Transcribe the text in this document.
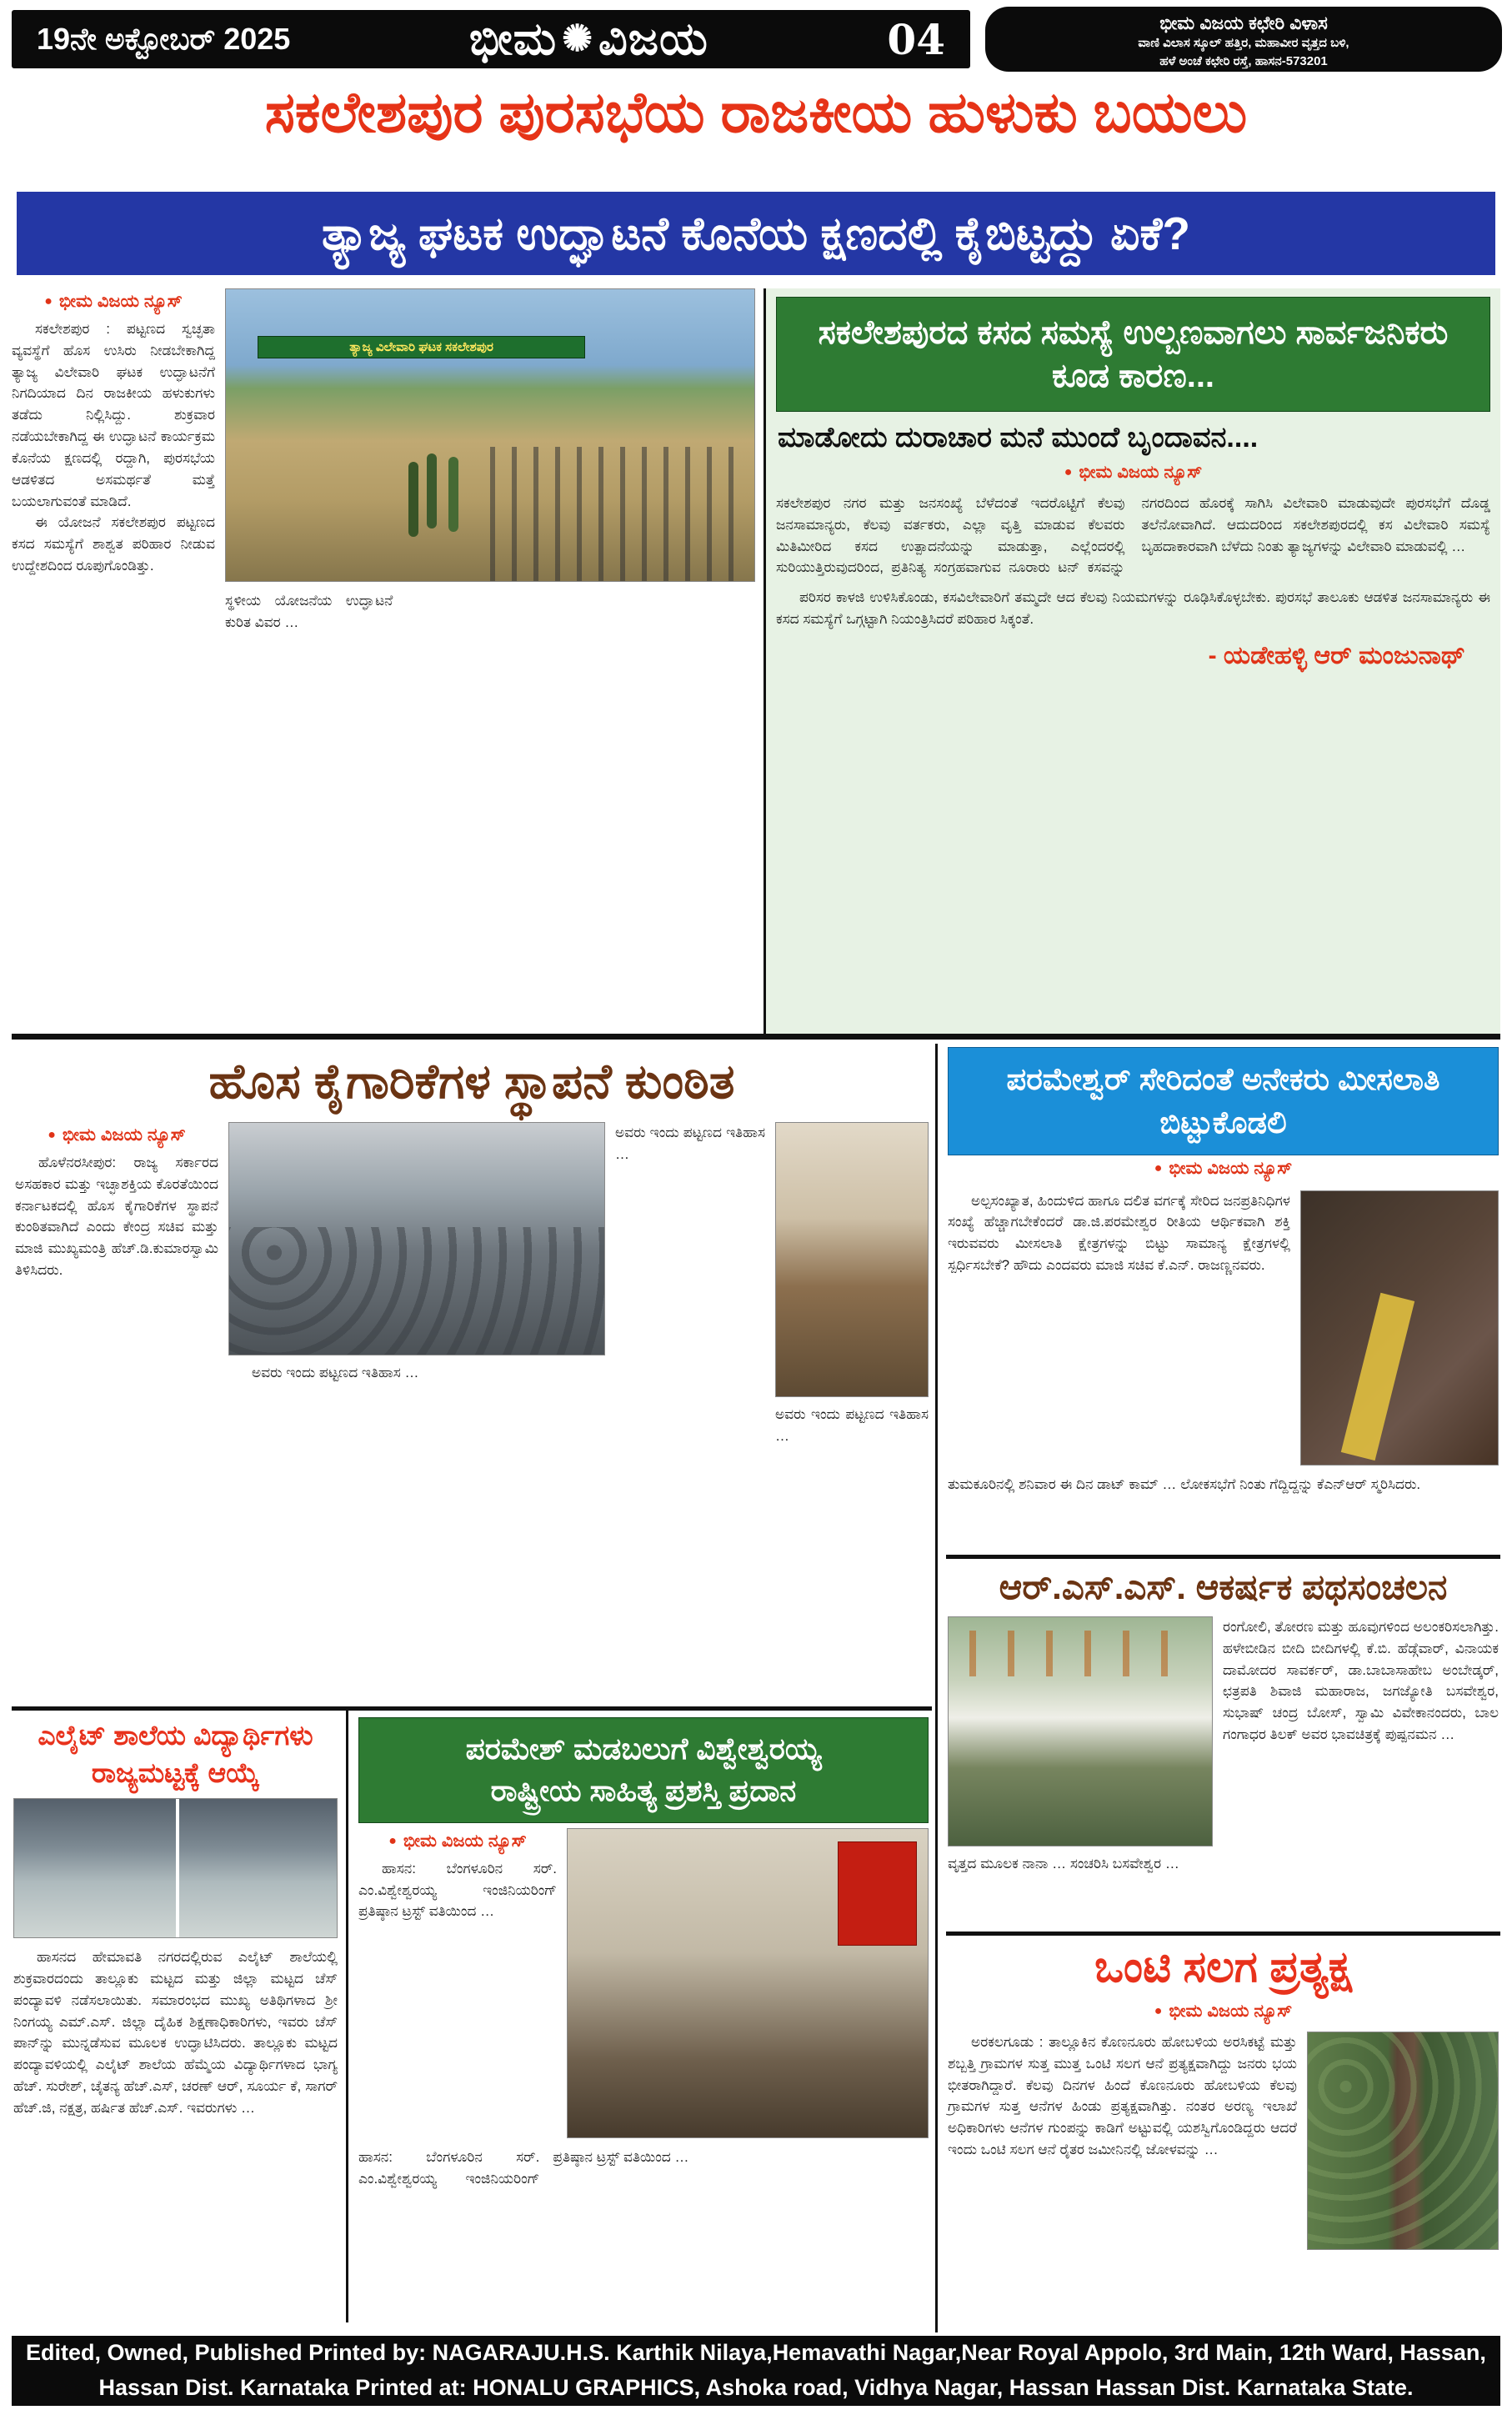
19ನೇ ಅಕ್ಟೋಬರ್ 2025	ಭೀಮ ✺ ವಿಜಯ	04	ಭೀಮ ವಿಜಯ ಕಛೇರಿ ವಿಳಾಸ
ವಾಣಿ ವಿಲಾಸ ಸ್ಕೂಲ್ ಹತ್ತಿರ, ಮಹಾವೀರ ವೃತ್ತದ ಬಳಿ,
ಹಳೆ ಅಂಚೆ ಕಛೇರಿ ರಸ್ತೆ, ಹಾಸನ-573201
ಸಕಲೇಶಪುರ ಪುರಸಭೆಯ ರಾಜಕೀಯ ಹುಳುಕು ಬಯಲು
ತ್ಯಾಜ್ಯ ಘಟಕ ಉದ್ಘಾಟನೆ ಕೊನೆಯ ಕ್ಷಣದಲ್ಲಿ ಕೈಬಿಟ್ಟದ್ದು ಏಕೆ?
● ಭೀಮ ವಿಜಯ ನ್ಯೂಸ್

ಸಕಲೇಶಪುರ : ಪಟ್ಟಣದ ಸ್ವಚ್ಛತಾ ವ್ಯವಸ್ಥೆಗೆ ಹೊಸ ಉಸಿರು ನೀಡಬೇಕಾಗಿದ್ದ ತ್ಯಾಜ್ಯ ವಿಲೇವಾರಿ ಘಟಕ ಉದ್ಘಾಟನೆಗೆ ನಿಗದಿಯಾದ ದಿನ ರಾಜಕೀಯ ಹಳುಕುಗಳು ತಡೆದು ನಿಲ್ಲಿಸಿದ್ದು. ಶುಕ್ರವಾರ ನಡೆಯಬೇಕಾಗಿದ್ದ ಈ ಉದ್ಘಾಟನೆ ಕಾರ್ಯಕ್ರಮ ಕೊನೆಯ ಕ್ಷಣದಲ್ಲಿ ರದ್ದಾಗಿ, ಪುರಸಭೆಯ ಆಡಳಿತದ ಅಸಮರ್ಥತೆ ಮತ್ತೆ ಬಯಲಾಗುವಂತೆ ಮಾಡಿದೆ.

ಈ ಯೋಜನೆ ಸಕಲೇಶಪುರ ಪಟ್ಟಣದ ಕಸದ ಸಮಸ್ಯೆಗೆ ಶಾಶ್ವತ ಪರಿಹಾರ ನೀಡುವ ಉದ್ದೇಶದಿಂದ ರೂಪುಗೊಂಡಿತ್ತು.

ತ್ಯಾಜ್ಯ ವಿಲೇವಾರಿ ಘಟಕ ಸಕಲೇಶಪುರ
ಸ್ಥಳೀಯ ಯೋಜನೆಯ ಉದ್ಘಾಟನೆ ಕುರಿತ ವಿವರ …
ಸಕಲೇಶಪುರದ ಕಸದ ಸಮಸ್ಯೆ ಉಲ್ಬಣವಾಗಲು ಸಾರ್ವಜನಿಕರು ಕೂಡ ಕಾರಣ...
ಮಾಡೋದು ದುರಾಚಾರ ಮನೆ ಮುಂದೆ ಬೃಂದಾವನ....
● ಭೀಮ ವಿಜಯ ನ್ಯೂಸ್
ಸಕಲೇಶಪುರ ನಗರ ಮತ್ತು ಜನಸಂಖ್ಯೆ ಬೆಳೆದಂತೆ ಇದರೊಟ್ಟಿಗೆ ಕೆಲವು ಜನಸಾಮಾನ್ಯರು, ಕೆಲವು ವರ್ತಕರು, ಎಲ್ಲಾ ವೃತ್ತಿ ಮಾಡುವ ಕೆಲವರು ಮಿತಿಮೀರಿದ ಕಸದ ಉತ್ಪಾದನೆಯನ್ನು ಮಾಡುತ್ತಾ, ಎಲ್ಲೆಂದರಲ್ಲಿ ಸುರಿಯುತ್ತಿರುವುದರಿಂದ, ಪ್ರತಿನಿತ್ಯ ಸಂಗ್ರಹವಾಗುವ ನೂರಾರು ಟನ್ ಕಸವನ್ನು ನಗರದಿಂದ ಹೊರಕ್ಕೆ ಸಾಗಿಸಿ ವಿಲೇವಾರಿ ಮಾಡುವುದೇ ಪುರಸಭೆಗೆ ದೊಡ್ಡ ತಲೆನೋವಾಗಿದೆ. ಆದುದರಿಂದ ಸಕಲೇಶಪುರದಲ್ಲಿ ಕಸ ವಿಲೇವಾರಿ ಸಮಸ್ಯೆ ಬೃಹದಾಕಾರವಾಗಿ ಬೆಳೆದು ನಿಂತು ತ್ಯಾಜ್ಯಗಳನ್ನು ವಿಲೇವಾರಿ ಮಾಡುವಲ್ಲಿ …

ಪರಿಸರ ಕಾಳಜಿ ಉಳಿಸಿಕೊಂಡು, ಕಸವಿಲೇವಾರಿಗೆ ತಮ್ಮದೇ ಆದ ಕೆಲವು ನಿಯಮಗಳನ್ನು ರೂಢಿಸಿಕೊಳ್ಳಬೇಕು. ಪುರಸಭೆ ತಾಲೂಕು ಆಡಳಿತ ಜನಸಾಮಾನ್ಯರು ಈ ಕಸದ ಸಮಸ್ಯೆಗೆ ಒಗ್ಗಟ್ಟಾಗಿ ನಿಯಂತ್ರಿಸಿದರೆ ಪರಿಹಾರ ಸಿಕ್ಕಂತೆ.

- ಯಡೇಹಳ್ಳಿ ಆರ್ ಮಂಜುನಾಥ್
ಹೊಸ ಕೈಗಾರಿಕೆಗಳ ಸ್ಥಾಪನೆ ಕುಂಠಿತ
● ಭೀಮ ವಿಜಯ ನ್ಯೂಸ್

ಹೊಳೆನರಸೀಪುರ: ರಾಜ್ಯ ಸರ್ಕಾರದ ಅಸಹಕಾರ ಮತ್ತು ಇಚ್ಛಾಶಕ್ತಿಯ ಕೊರತೆಯಿಂದ ಕರ್ನಾಟಕದಲ್ಲಿ ಹೊಸ ಕೈಗಾರಿಕೆಗಳ ಸ್ಥಾಪನೆ ಕುಂಠಿತವಾಗಿದೆ ಎಂದು ಕೇಂದ್ರ ಸಚಿವ ಮತ್ತು ಮಾಜಿ ಮುಖ್ಯಮಂತ್ರಿ ಹೆಚ್.ಡಿ.ಕುಮಾರಸ್ವಾಮಿ ತಿಳಿಸಿದರು.

ಅವರು ಇಂದು ಪಟ್ಟಣದ ಇತಿಹಾಸ …

ಅವರು ಇಂದು ಪಟ್ಟಣದ ಇತಿಹಾಸ …

ಅವರು ಇಂದು ಪಟ್ಟಣದ ಇತಿಹಾಸ …

ಎಲೈಟ್ ಶಾಲೆಯ ವಿದ್ಯಾರ್ಥಿಗಳು ರಾಜ್ಯಮಟ್ಟಕ್ಕೆ ಆಯ್ಕೆ

ಹಾಸನದ ಹೇಮಾವತಿ ನಗರದಲ್ಲಿರುವ ಎಲೈಟ್ ಶಾಲೆಯಲ್ಲಿ ಶುಕ್ರವಾರದಂದು ತಾಲ್ಲೂಕು ಮಟ್ಟದ ಮತ್ತು ಜಿಲ್ಲಾ ಮಟ್ಟದ ಚೆಸ್ ಪಂದ್ಯಾವಳಿ ನಡೆಸಲಾಯಿತು. ಸಮಾರಂಭದ ಮುಖ್ಯ ಅತಿಥಿಗಳಾದ ಶ್ರೀ ನಿಂಗಯ್ಯ ಎಮ್.ಎಸ್. ಜಿಲ್ಲಾ ದೈಹಿಕ ಶಿಕ್ಷಣಾಧಿಕಾರಿಗಳು, ಇವರು ಚೆಸ್ ಪಾನ್‌ನ್ನು ಮುನ್ನಡೆಸುವ ಮೂಲಕ ಉದ್ಘಾಟಿಸಿದರು. ತಾಲ್ಲೂಕು ಮಟ್ಟದ ಪಂದ್ಯಾವಳಿಯಲ್ಲಿ ಎಲೈಟ್ ಶಾಲೆಯ ಹೆಮ್ಮೆಯ ವಿದ್ಯಾರ್ಥಿಗಳಾದ ಭಾಗ್ಯ ಹೆಚ್. ಸುರೇಶ್, ಚೈತನ್ಯ ಹೆಚ್.ಎಸ್, ಚರಣ್ ಆರ್, ಸೂರ್ಯ ಕೆ, ಸಾಗರ್ ಹೆಚ್.ಜಿ, ನಕ್ಷತ್ರ, ಹರ್ಷಿತ ಹೆಚ್.ಎಸ್. ಇವರುಗಳು …

ಪರಮೇಶ್ ಮಡಬಲುಗೆ ವಿಶ್ವೇಶ್ವರಯ್ಯ
ರಾಷ್ಟ್ರೀಯ ಸಾಹಿತ್ಯ ಪ್ರಶಸ್ತಿ ಪ್ರದಾನ
● ಭೀಮ ವಿಜಯ ನ್ಯೂಸ್

ಹಾಸನ: ಬೆಂಗಳೂರಿನ ಸರ್. ಎಂ.ವಿಶ್ವೇಶ್ವರಯ್ಯ ಇಂಜಿನಿಯರಿಂಗ್ ಪ್ರತಿಷ್ಠಾನ ಟ್ರಸ್ಟ್ ವತಿಯಿಂದ …

ಹಾಸನ: ಬೆಂಗಳೂರಿನ ಸರ್. ಎಂ.ವಿಶ್ವೇಶ್ವರಯ್ಯ ಇಂಜಿನಿಯರಿಂಗ್ ಪ್ರತಿಷ್ಠಾನ ಟ್ರಸ್ಟ್ ವತಿಯಿಂದ …
ಪರಮೇಶ್ವರ್ ಸೇರಿದಂತೆ ಅನೇಕರು ಮೀಸಲಾತಿ ಬಿಟ್ಟುಕೊಡಲಿ
● ಭೀಮ ವಿಜಯ ನ್ಯೂಸ್

ಅಲ್ಪಸಂಖ್ಯಾತ, ಹಿಂದುಳಿದ ಹಾಗೂ ದಲಿತ ವರ್ಗಕ್ಕೆ ಸೇರಿದ ಜನಪ್ರತಿನಿಧಿಗಳ ಸಂಖ್ಯೆ ಹೆಚ್ಚಾಗಬೇಕೆಂದರೆ ಡಾ.ಜಿ.ಪರಮೇಶ್ವರ ರೀತಿಯ ಆರ್ಥಿಕವಾಗಿ ಶಕ್ತಿ ಇರುವವರು ಮೀಸಲಾತಿ ಕ್ಷೇತ್ರಗಳನ್ನು ಬಿಟ್ಟು ಸಾಮಾನ್ಯ ಕ್ಷೇತ್ರಗಳಲ್ಲಿ ಸ್ಪರ್ಧಿಸಬೇಕೆ? ಹೌದು ಎಂದವರು ಮಾಜಿ ಸಚಿವ ಕೆ.ಎನ್. ರಾಜಣ್ಣನವರು.

ತುಮಕೂರಿನಲ್ಲಿ ಶನಿವಾರ ಈ ದಿನ ಡಾಟ್ ಕಾಮ್ … ಲೋಕಸಭೆಗೆ ನಿಂತು ಗೆದ್ದಿದ್ದನ್ನು ಕೆಎನ್‌ಆರ್ ಸ್ಮರಿಸಿದರು.

ಆರ್.ಎಸ್.ಎಸ್. ಆಕರ್ಷಕ ಪಥಸಂಚಲನ

ರಂಗೋಲಿ, ತೋರಣ ಮತ್ತು ಹೂವುಗಳಿಂದ ಅಲಂಕರಿಸಲಾಗಿತ್ತು. ಹಳೇಬೀಡಿನ ಬೀದಿ ಬೀದಿಗಳಲ್ಲಿ ಕೆ.ಬಿ. ಹೆಡ್ಗೆವಾರ್, ವಿನಾಯಕ ದಾಮೋದರ ಸಾವರ್ಕರ್, ಡಾ.ಬಾಬಾಸಾಹೇಬ ಅಂಬೇಡ್ಕರ್, ಛತ್ರಪತಿ ಶಿವಾಜಿ ಮಹಾರಾಜ, ಜಗಜ್ಯೋತಿ ಬಸವೇಶ್ವರ, ಸುಭಾಷ್ ಚಂದ್ರ ಬೋಸ್, ಸ್ವಾಮಿ ವಿವೇಕಾನಂದರು, ಬಾಲ ಗಂಗಾಧರ ತಿಲಕ್ ಅವರ ಭಾವಚಿತ್ರಕ್ಕೆ ಪುಷ್ಪನಮನ …

ವೃತ್ತದ ಮೂಲಕ ನಾನಾ … ಸಂಚರಿಸಿ ಬಸವೇಶ್ವರ …

ಒಂಟಿ ಸಲಗ ಪ್ರತ್ಯಕ್ಷ
● ಭೀಮ ವಿಜಯ ನ್ಯೂಸ್

ಅರಕಲಗೂಡು : ತಾಲ್ಲೂಕಿನ ಕೊಣನೂರು ಹೋಬಳಿಯ ಅರಸಿಕಟ್ಟೆ ಮತ್ತು ಶಬ್ಬತ್ತಿ ಗ್ರಾಮಗಳ ಸುತ್ತ ಮುತ್ತ ಒಂಟಿ ಸಲಗ ಆನೆ ಪ್ರತ್ಯಕ್ಷವಾಗಿದ್ದು ಜನರು ಭಯ ಭೀತರಾಗಿದ್ದಾರೆ. ಕೆಲವು ದಿನಗಳ ಹಿಂದೆ ಕೊಣನೂರು ಹೋಬಳಿಯ ಕೆಲವು ಗ್ರಾಮಗಳ ಸುತ್ತ ಆನೆಗಳ ಹಿಂಡು ಪ್ರತ್ಯಕ್ಷವಾಗಿತ್ತು. ನಂತರ ಅರಣ್ಯ ಇಲಾಖೆ ಅಧಿಕಾರಿಗಳು ಆನೆಗಳ ಗುಂಪನ್ನು ಕಾಡಿಗೆ ಅಟ್ಟುವಲ್ಲಿ ಯಶಸ್ವಿಗೊಂಡಿದ್ದರು ಆದರೆ ಇಂದು ಒಂಟಿ ಸಲಗ ಆನೆ ರೈತರ ಜಮೀನಿನಲ್ಲಿ ಜೋಳವನ್ನು …

Edited, Owned, Published Printed by: NAGARAJU.H.S. Karthik Nilaya,Hemavathi Nagar,Near Royal Appolo, 3rd Main, 12th Ward, Hassan,
Hassan Dist. Karnataka Printed at: HONALU GRAPHICS, Ashoka road, Vidhya Nagar, Hassan Hassan Dist. Karnataka State.
